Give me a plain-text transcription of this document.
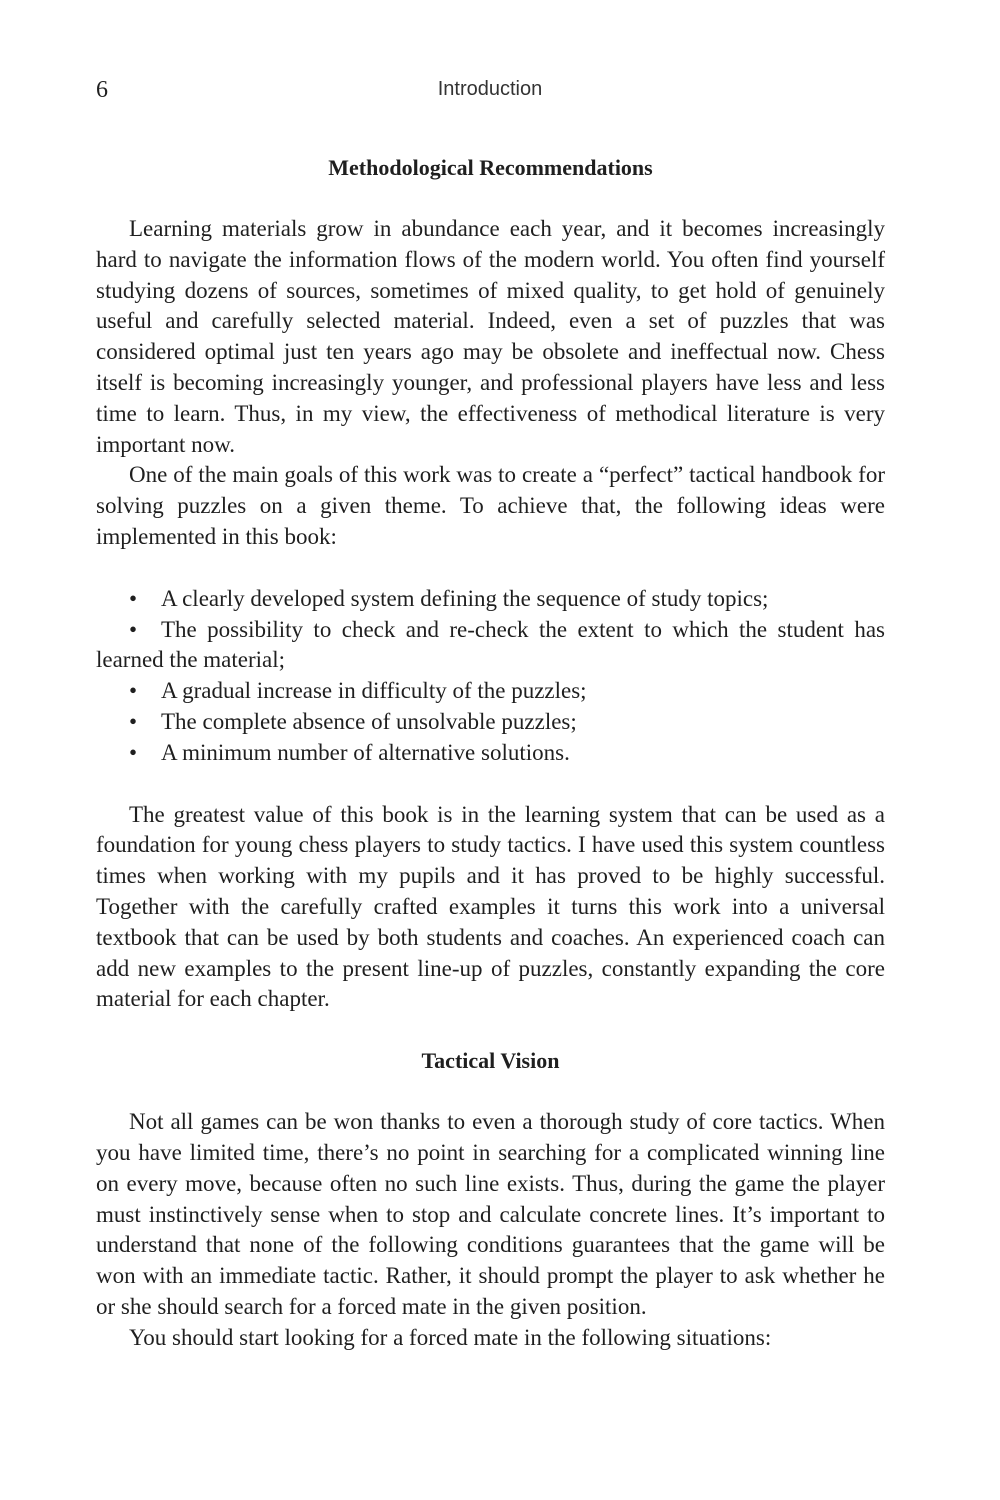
6	Introduction
Methodological Recommendations

Learning materials grow in abundance each year, and it becomes increasingly hard to navigate the information flows of the modern world. You often find yourself studying dozens of sources, sometimes of mixed quality, to get hold of genuinely useful and carefully selected material. Indeed, even a set of puzzles that was considered optimal just ten years ago may be obsolete and ineffectual now. Chess itself is becoming increasingly younger, and professional players have less and less time to learn. Thus, in my view, the effectiveness of methodical literature is very important now.

One of the main goals of this work was to create a “perfect” tactical handbook for solving puzzles on a given theme. To achieve that, the following ideas were implemented in this book:

• A clearly developed system defining the sequence of study topics;
• The possibility to check and re-check the extent to which the student has learned the material;
• A gradual increase in difficulty of the puzzles;
• The complete absence of unsolvable puzzles;
• A minimum number of alternative solutions.

The greatest value of this book is in the learning system that can be used as a foundation for young chess players to study tactics. I have used this system countless times when working with my pupils and it has proved to be highly successful. Together with the carefully crafted examples it turns this work into a universal textbook that can be used by both students and coaches. An experienced coach can add new examples to the present line-up of puzzles, constantly expanding the core material for each chapter.

Tactical Vision

Not all games can be won thanks to even a thorough study of core tactics. When you have limited time, there’s no point in searching for a complicated winning line on every move, because often no such line exists. Thus, during the game the player must instinctively sense when to stop and calculate concrete lines. It’s important to understand that none of the following conditions guarantees that the game will be won with an immediate tactic. Rather, it should prompt the player to ask whether he or she should search for a forced mate in the given position.

You should start looking for a forced mate in the following situations:
